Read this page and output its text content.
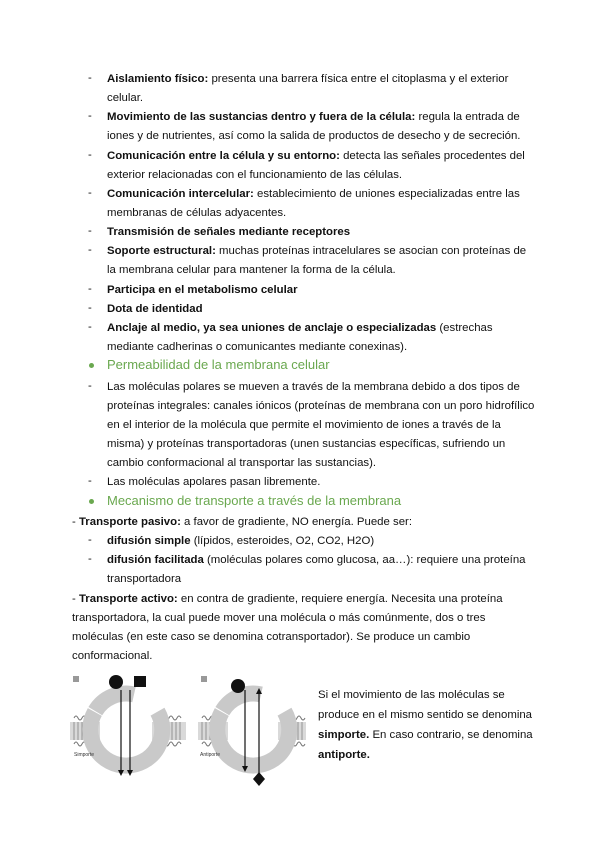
- Aislamiento físico: presenta una barrera física entre el citoplasma y el exterior
celular.
- Movimiento de las sustancias dentro y fuera de la célula: regula la entrada de
iones y de nutrientes, así como la salida de productos de desecho y de secreción.
- Comunicación entre la célula y su entorno: detecta las señales procedentes del
exterior relacionadas con el funcionamiento de las células.
- Comunicación intercelular: establecimiento de uniones especializadas entre las
membranas de células adyacentes.
- Transmisión de señales mediante receptores
- Soporte estructural: muchas proteínas intracelulares se asocian con proteínas de
la membrana celular para mantener la forma de la célula.
- Participa en el metabolismo celular
- Dota de identidad
- Anclaje al medio, ya sea uniones de anclaje o especializadas (estrechas
mediante cadherinas o comunicantes mediante conexinas).
Permeabilidad de la membrana celular
- Las moléculas polares se mueven a través de la membrana debido a dos tipos de
proteínas integrales: canales iónicos (proteínas de membrana con un poro hidrofílico
en el interior de la molécula que permite el movimiento de iones a través de la
misma) y proteínas transportadoras (unen sustancias específicas, sufriendo un
cambio conformacional al transportar las sustancias).
- Las moléculas apolares pasan libremente.
Mecanismo de transporte a través de la membrana
- Transporte pasivo: a favor de gradiente, NO energía. Puede ser:
- difusión simple (lípidos, esteroides, O2, CO2, H2O)
- difusión facilitada (moléculas polares como glucosa, aa…): requiere una proteína
transportadora
- Transporte activo: en contra de gradiente, requiere energía. Necesita una proteína
transportadora, la cual puede mover una molécula o más comúnmente, dos o tres
moléculas (en este caso se denomina cotransportador). Se produce un cambio
conformacional.
Simporte	Antiporte
Si el movimiento de las moléculas se
produce en el mismo sentido se denomina
simporte. En caso contrario, se denomina
antiporte.
